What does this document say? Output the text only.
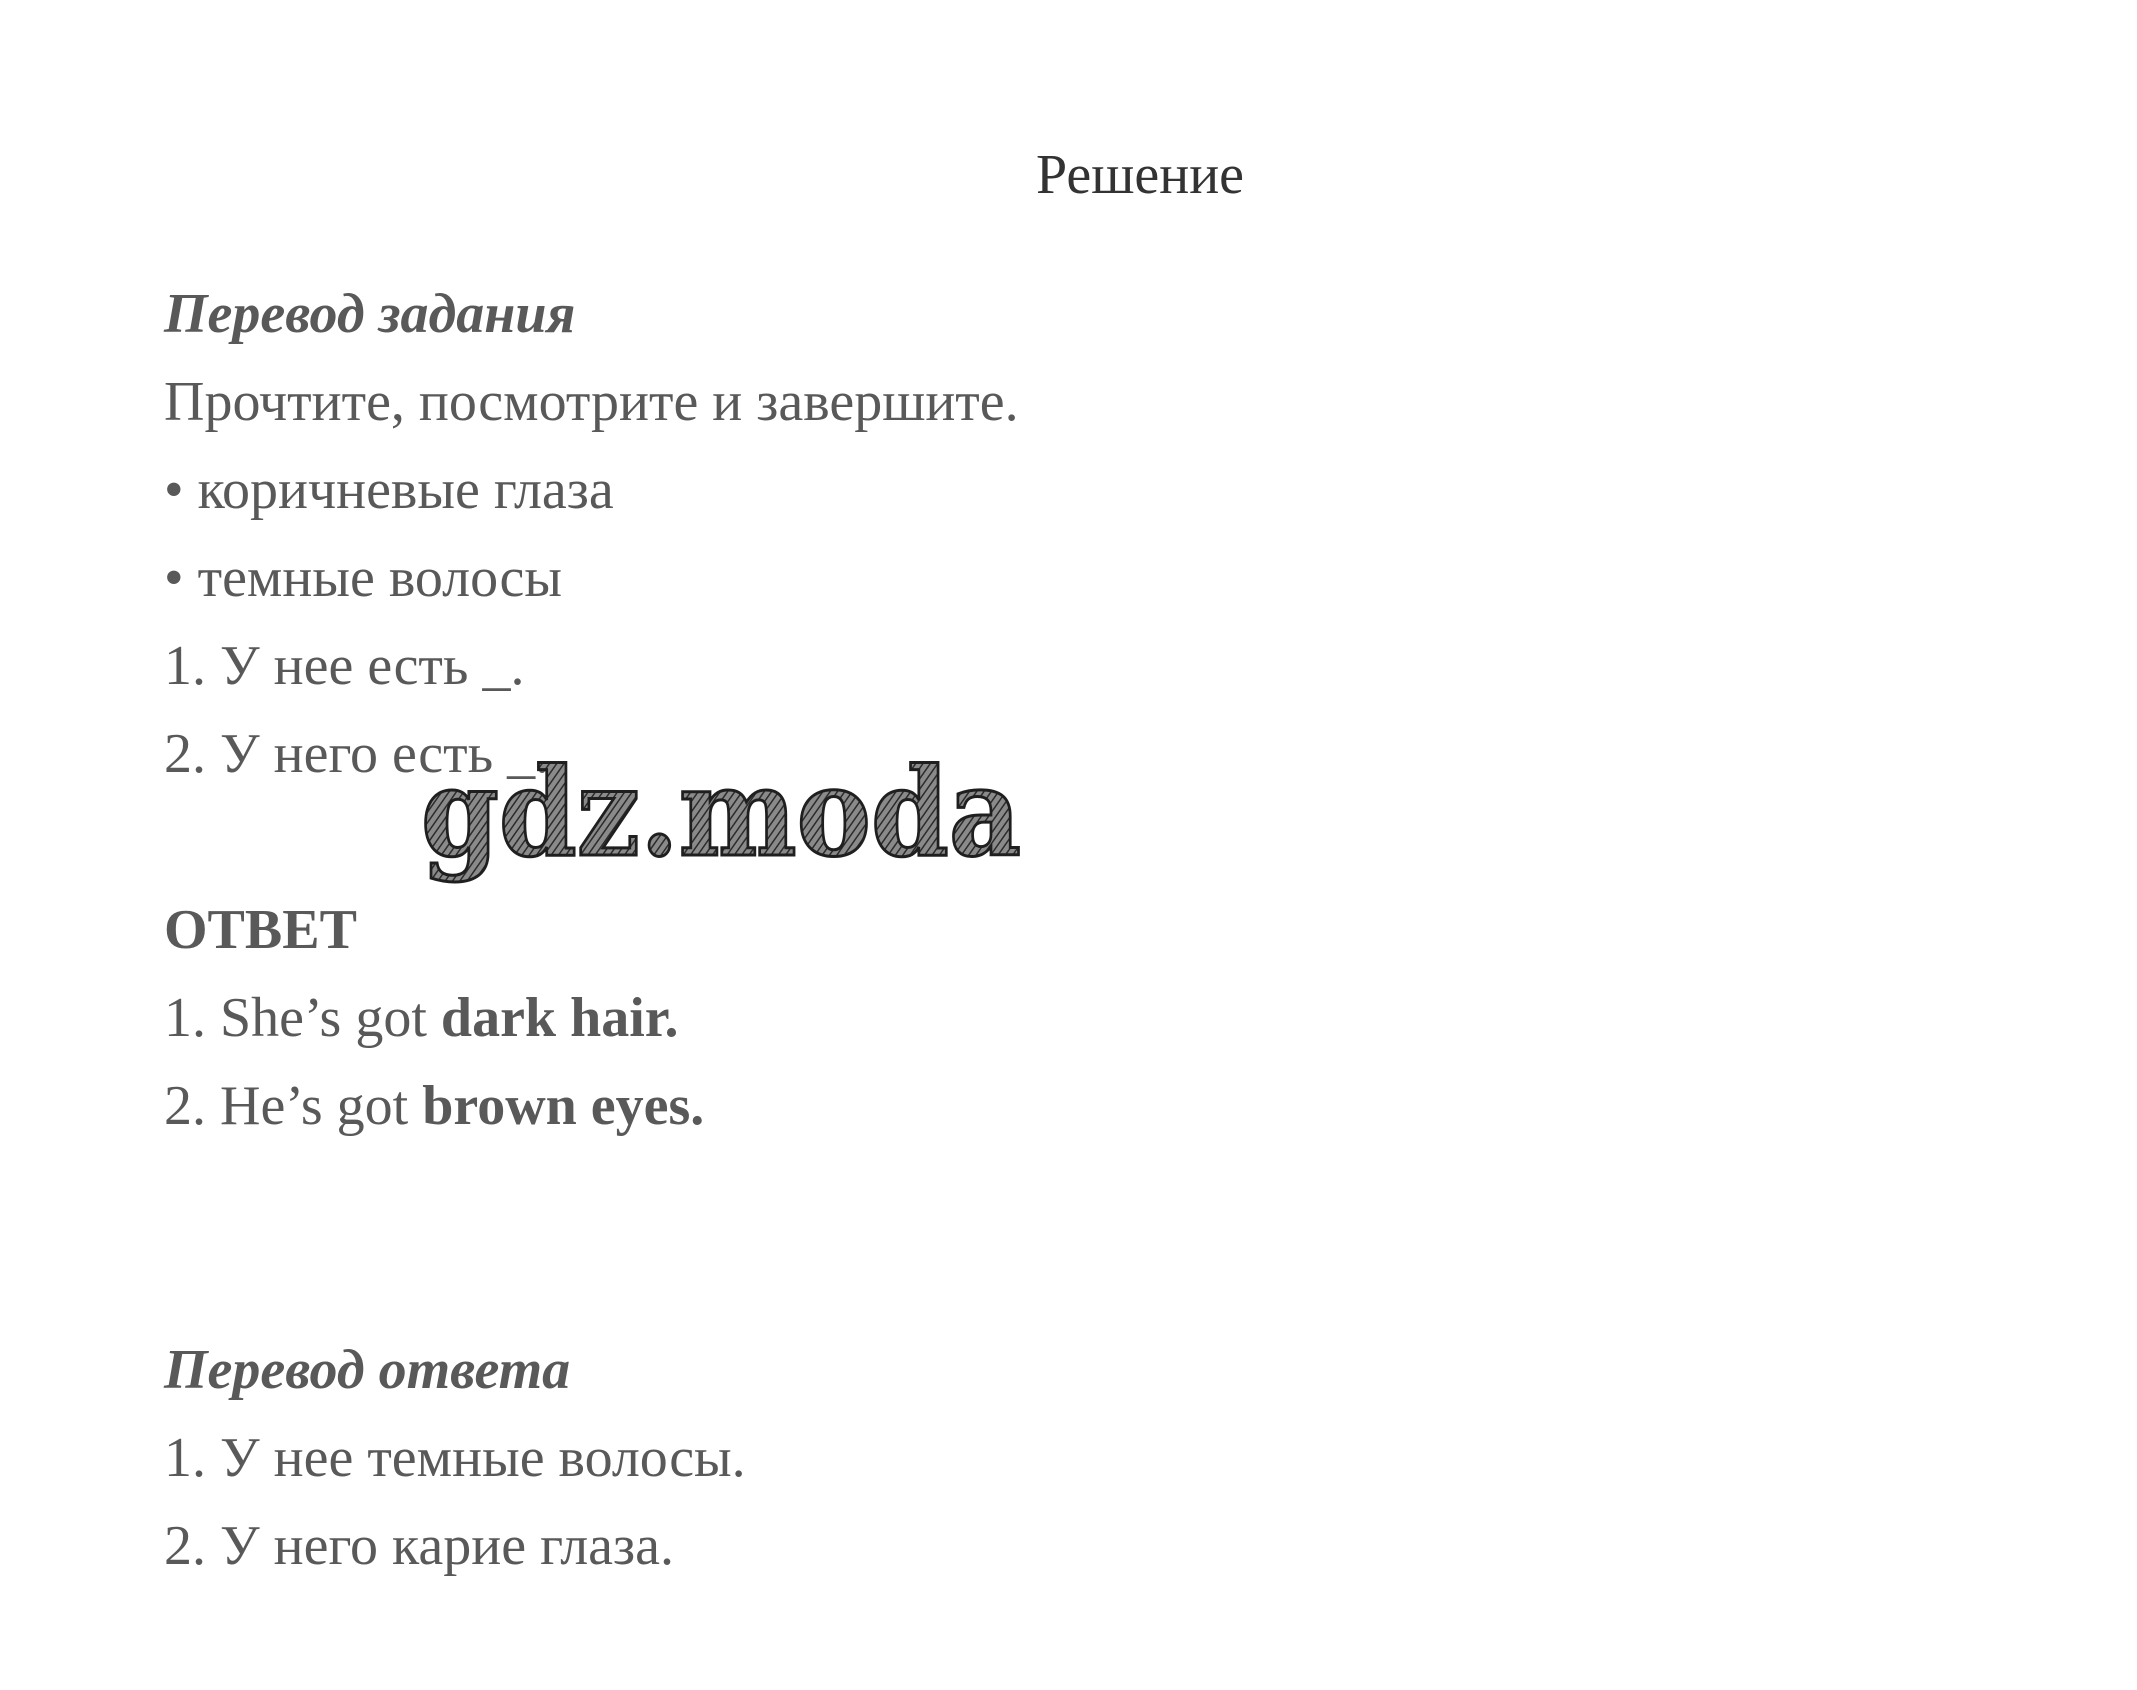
Решение
Перевод задания
Прочтите, посмотрите и завершите.
• коричневые глаза
• темные волосы
1. У нее есть _.
2. У него есть _.
ОТВЕТ
1. She’s got dark hair.
2. He’s got brown eyes.
Перевод ответа
1. У нее темные волосы.
2. У него карие глаза.
gdz.moda
